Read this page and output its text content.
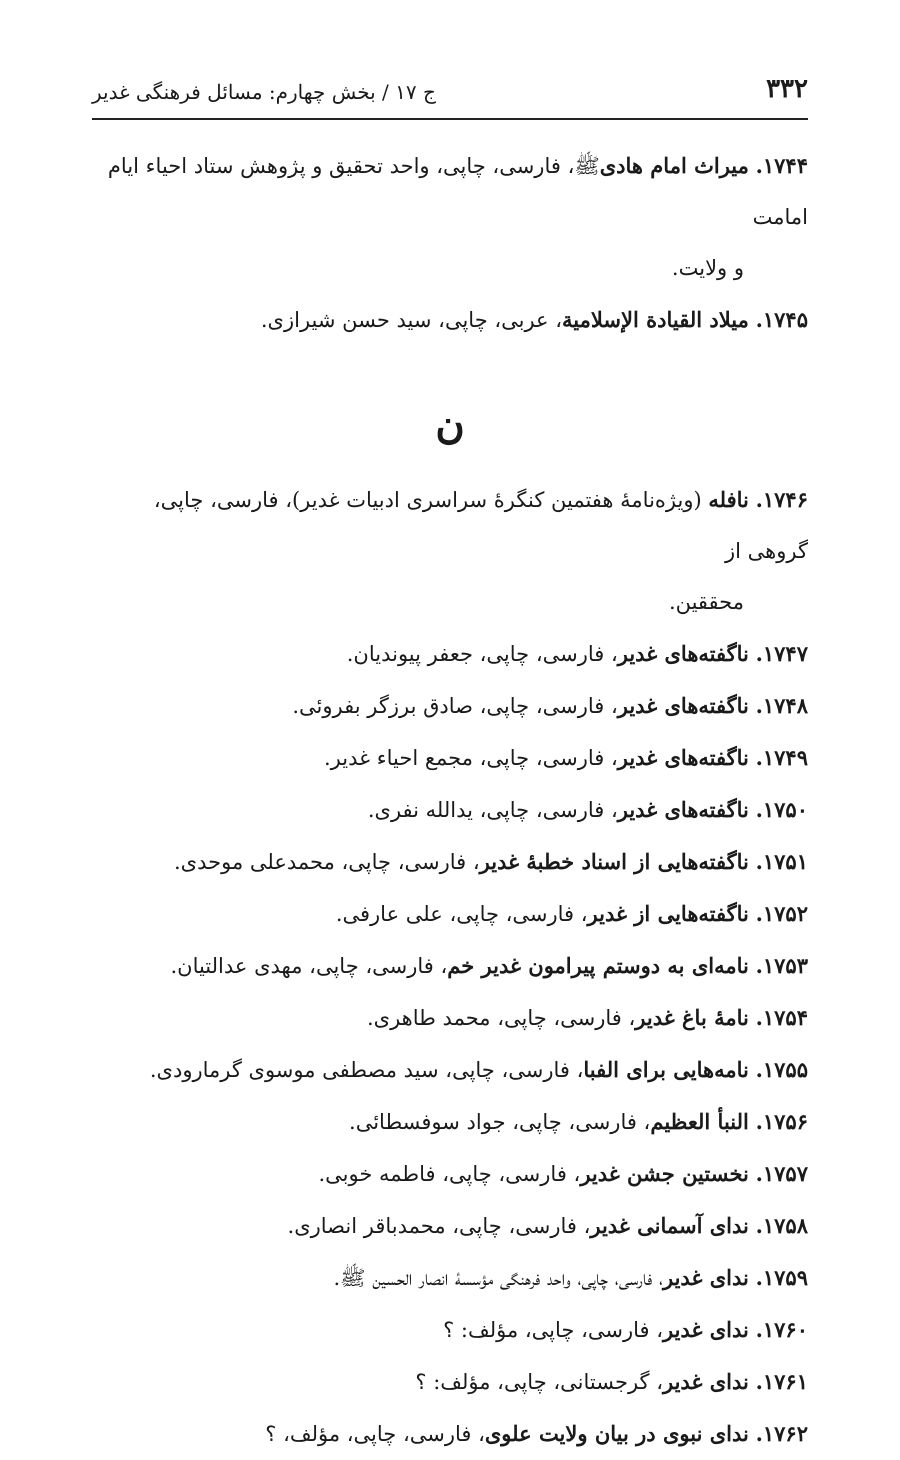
۳۳۲
ج ۱۷ / بخش چهارم: مسائل فرهنگی غدیر

۱۷۴۴. میراث امام هادیﷺ، فارسی، چاپی، واحد تحقیق و پژوهش ستاد احیاء ایام امامت
و ولایت.

۱۷۴۵. میلاد القیادة الإسلامیة، عربی، چاپی، سید حسن شیرازی.

ن

۱۷۴۶. نافله (ویژه‌نامهٔ هفتمین کنگرهٔ سراسری ادبیات غدیر)، فارسی، چاپی، گروهی از
محققین.

۱۷۴۷. ناگفته‌های غدیر، فارسی، چاپی، جعفر پیوندیان.

۱۷۴۸. ناگفته‌های غدیر، فارسی، چاپی، صادق برزگر بفروئی.

۱۷۴۹. ناگفته‌های غدیر، فارسی، چاپی، مجمع احیاء غدیر.

۱۷۵۰. ناگفته‌های غدیر، فارسی، چاپی، یدالله نفری.

۱۷۵۱. ناگفته‌هایی از اسناد خطبهٔ غدیر، فارسی، چاپی، محمدعلی موحدی.

۱۷۵۲. ناگفته‌هایی از غدیر، فارسی، چاپی، علی عارفی.

۱۷۵۳. نامه‌ای به دوستم پیرامون غدیر خم، فارسی، چاپی، مهدی عدالتیان.

۱۷۵۴. نامهٔ باغ غدیر، فارسی، چاپی، محمد طاهری.

۱۷۵۵. نامه‌هایی برای الفبا، فارسی، چاپی، سید مصطفی موسوی گرمارودی.

۱۷۵۶. النبأ العظیم، فارسی، چاپی، جواد سوفسطائی.

۱۷۵۷. نخستین جشن غدیر، فارسی، چاپی، فاطمه خوبی.

۱۷۵۸. ندای آسمانی غدیر، فارسی، چاپی، محمدباقر انصاری.

۱۷۵۹. ندای غدیر، فارسی، چاپی، واحد فرهنگی مؤسسهٔ انصار الحسین ﷺ.

۱۷۶۰. ندای غدیر، فارسی، چاپی، مؤلف: ؟

۱۷۶۱. ندای غدیر، گرجستانی، چاپی، مؤلف: ؟

۱۷۶۲. ندای نبوی در بیان ولایت علوی، فارسی، چاپی، مؤلف، ؟
